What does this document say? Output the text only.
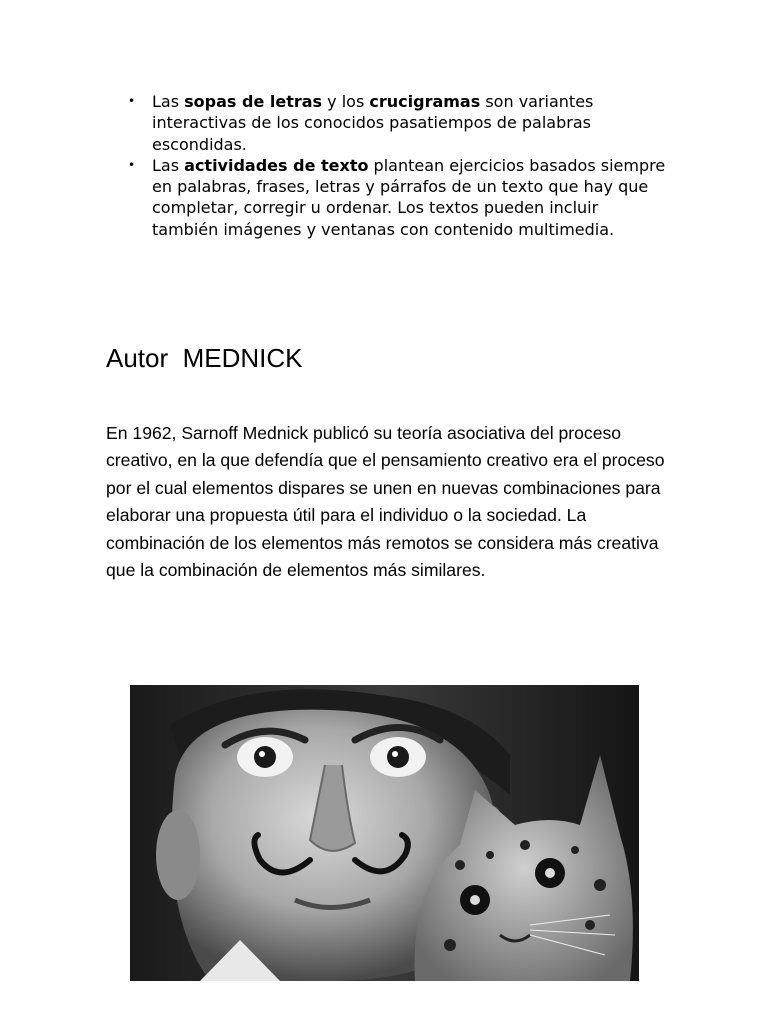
• Las sopas de letras y los crucigramas son variantes interactivas de los conocidos pasatiempos de palabras escondidas.
• Las actividades de texto plantean ejercicios basados siempre en palabras, frases, letras y párrafos de un texto que hay que completar, corregir u ordenar. Los textos pueden incluir también imágenes y ventanas con contenido multimedia.
Autor  MEDNICK

En 1962, Sarnoff Mednick publicó su teoría asociativa del proceso creativo, en la que defendía que el pensamiento creativo era el proceso por el cual elementos dispares se unen en nuevas combinaciones para elaborar una propuesta útil para el individuo o la sociedad. La combinación de los elementos más remotos se considera más creativa que la combinación de elementos más similares.
